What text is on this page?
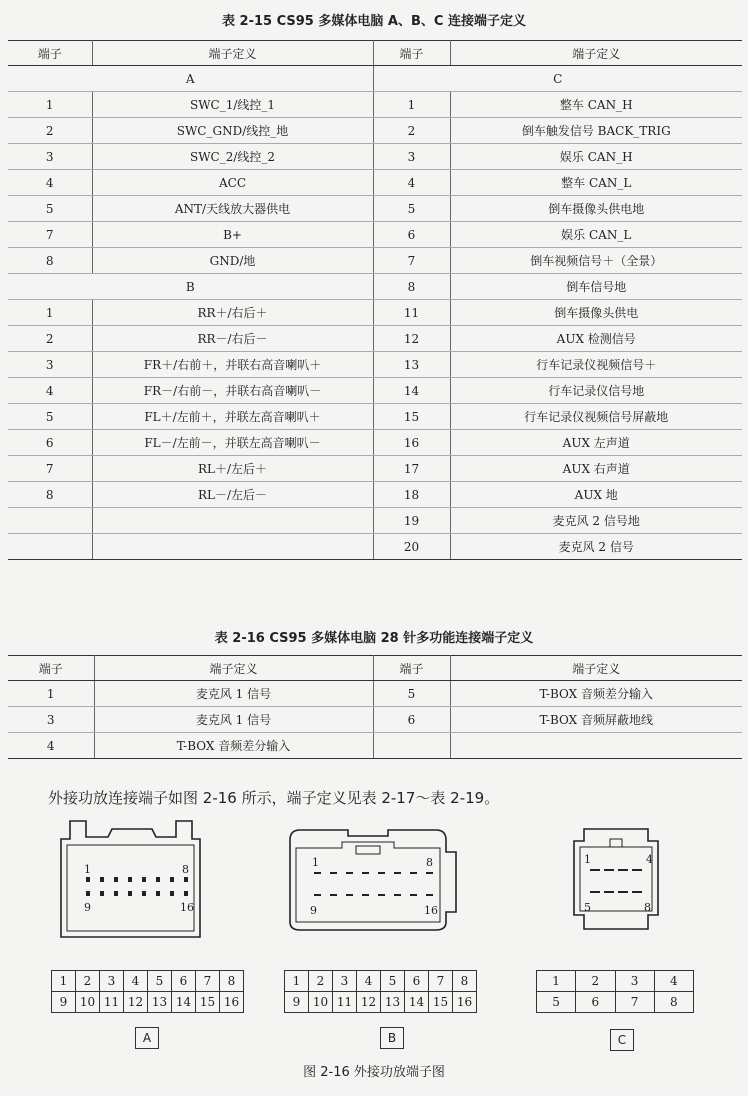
表 2-15 CS95 多媒体电脑 A、B、C 连接端子定义
端子	端子定义	端子	端子定义
A		C	
1	SWC_1/线控_1	1	整车 CAN_H
2	SWC_GND/线控_地	2	倒车触发信号 BACK_TRIG
3	SWC_2/线控_2	3	娱乐 CAN_H
4	ACC	4	整车 CAN_L
5	ANT/天线放大器供电	5	倒车摄像头供电地
7	B+	6	娱乐 CAN_L
8	GND/地	7	倒车视频信号＋（全景）
B		8	倒车信号地
1	RR＋/右后＋	11	倒车摄像头供电
2	RR－/右后－	12	AUX 检测信号
3	FR＋/右前＋，并联右高音喇叭＋	13	行车记录仪视频信号＋
4	FR－/右前－，并联右高音喇叭－	14	行车记录仪信号地
5	FL＋/左前＋，并联左高音喇叭＋	15	行车记录仪视频信号屏蔽地
6	FL－/左前－，并联左高音喇叭－	16	AUX 左声道
7	RL＋/左后＋	17	AUX 右声道
8	RL－/左后－	18	AUX 地
		19	麦克风 2 信号地
		20	麦克风 2 信号
表 2-16 CS95 多媒体电脑 28 针多功能连接端子定义
端子	端子定义	端子	端子定义
1	麦克风 1 信号	5	T-BOX 音频差分输入
3	麦克风 1 信号	6	T-BOX 音频屏蔽地线
4	T-BOX 音频差分输入		
外接功放连接端子如图 2-16 所示，端子定义见表 2-17～表 2-19。
1	8
9	16
1	8
9	16
1	4
5	8
1	2	3	4	5	6	7	8
9	10	11	12	13	14	15	16
1	2	3	4	5	6	7	8
9	10	11	12	13	14	15	16
1	2	3	4
5	6	7	8
A	B	C
图 2-16 外接功放端子图
